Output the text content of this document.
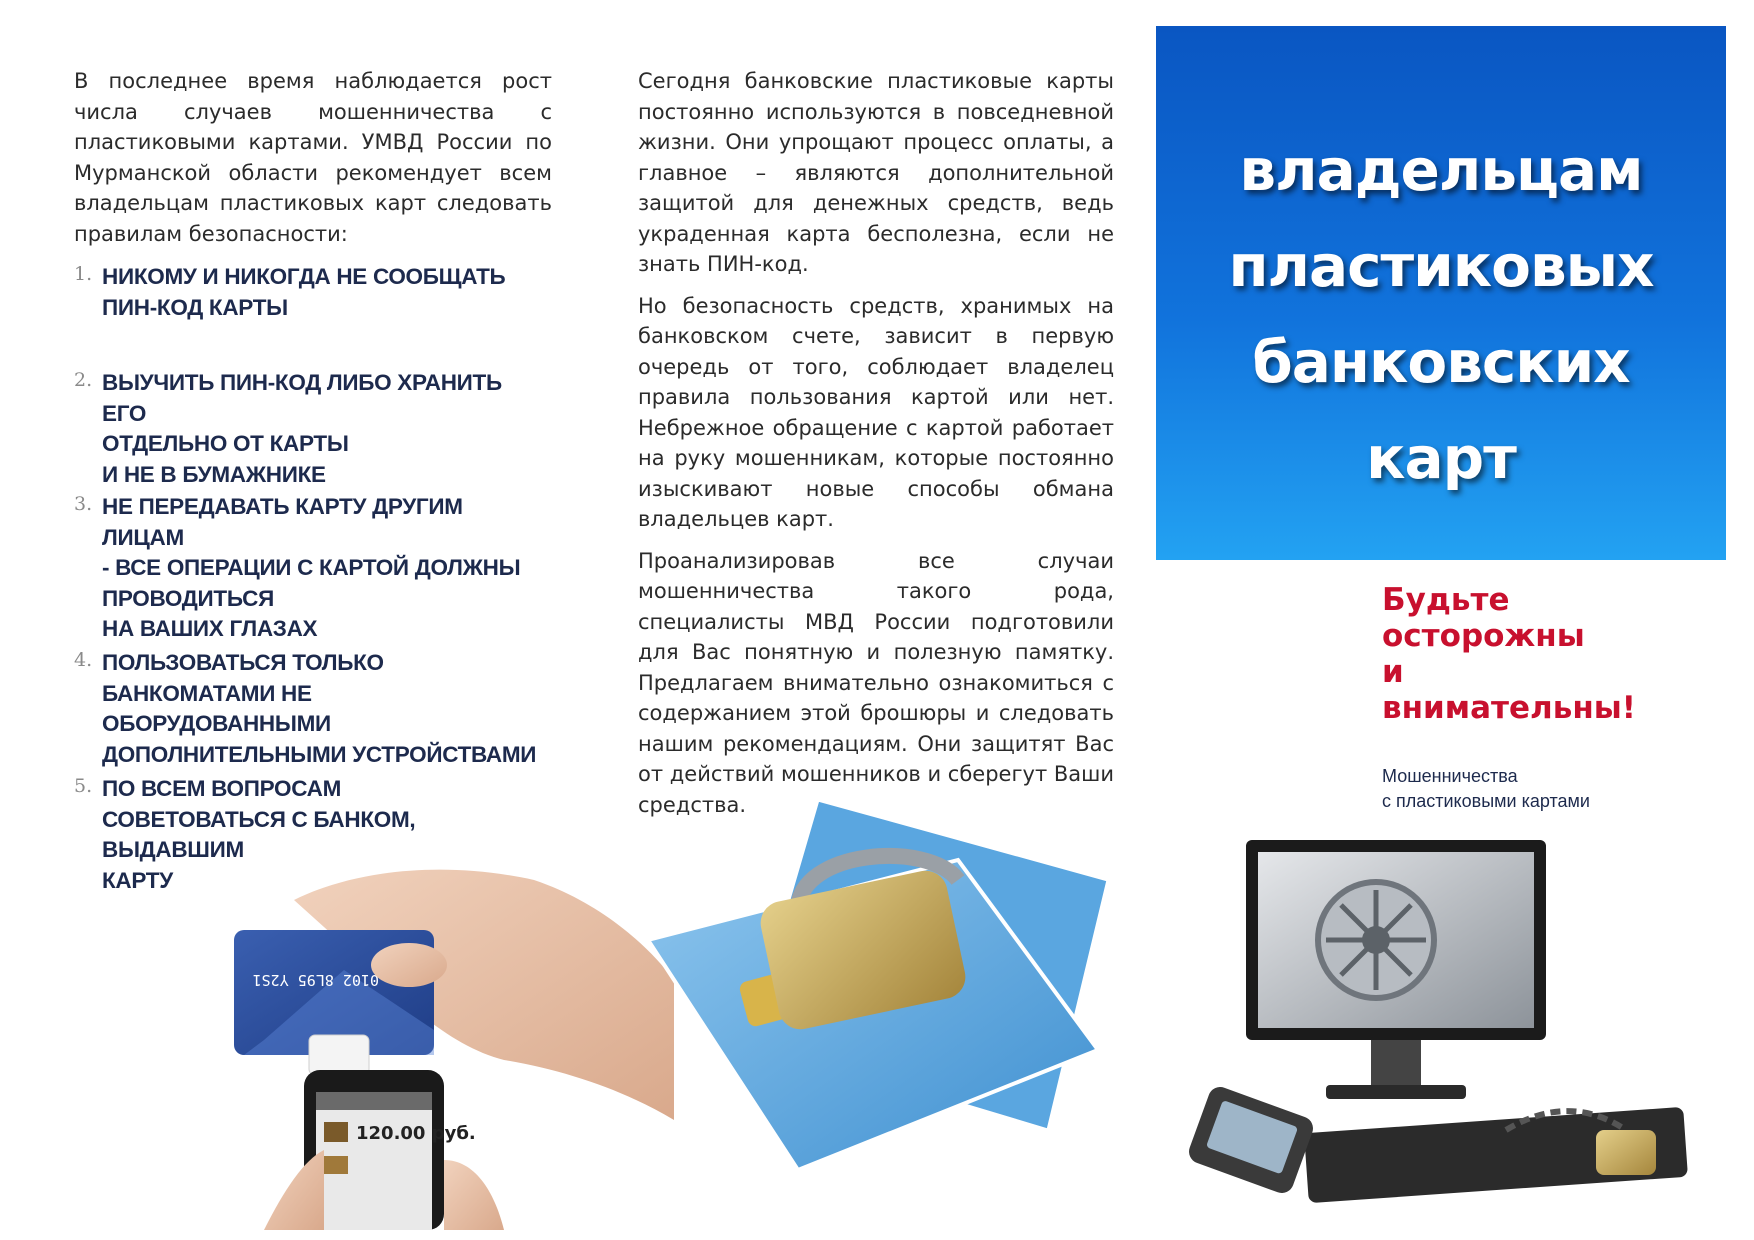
В последнее время наблюдается рост числа случаев мошенничества с пластиковыми картами. УМВД России по Мурманской области рекомендует всем владельцам пластиковых карт следовать правилам безопасности:
1. НИКОМУ И НИКОГДА НЕ СООБЩАТЬ
ПИН-КОД КАРТЫ
2. ВЫУЧИТЬ ПИН-КОД ЛИБО ХРАНИТЬ ЕГО
ОТДЕЛЬНО ОТ КАРТЫ
И НЕ В БУМАЖНИКЕ
3. НЕ ПЕРЕДАВАТЬ КАРТУ ДРУГИМ ЛИЦАМ
- ВСЕ ОПЕРАЦИИ С КАРТОЙ ДОЛЖНЫ
ПРОВОДИТЬСЯ
НА ВАШИХ ГЛАЗАХ
4. ПОЛЬЗОВАТЬСЯ ТОЛЬКО
БАНКОМАТАМИ НЕ ОБОРУДОВАННЫМИ
ДОПОЛНИТЕЛЬНЫМИ УСТРОЙСТВАМИ
5. ПО ВСЕМ ВОПРОСАМ
СОВЕТОВАТЬСЯ С БАНКОМ, ВЫДАВШИМ
КАРТУ
0102 8L95 Y2S1
120.00 руб.

Сегодня банковские пластиковые карты постоянно используются в повседневной жизни. Они упрощают процесс оплаты, а главное – являются дополнительной защитой для денежных средств, ведь украденная карта бесполезна, если не знать ПИН-код.

Но безопасность средств, хранимых на банковском счете, зависит в первую очередь от того, соблюдает владелец правила пользования картой или нет. Небрежное обращение с картой работает на руку мошенникам, которые постоянно изыскивают новые способы обмана владельцев карт.

Проанализировав все случаи мошенничества такого рода, специалисты МВД России подготовили для Вас понятную и полезную памятку. Предлагаем внимательно ознакомиться с содержанием этой брошюры и следовать нашим рекомендациям. Они защитят Вас от действий мошенников и сберегут Ваши средства.

владельцам
пластиковых
банковских
карт
Будьте
осторожны
и
внимательны!
Мошенничества
с пластиковыми картами
